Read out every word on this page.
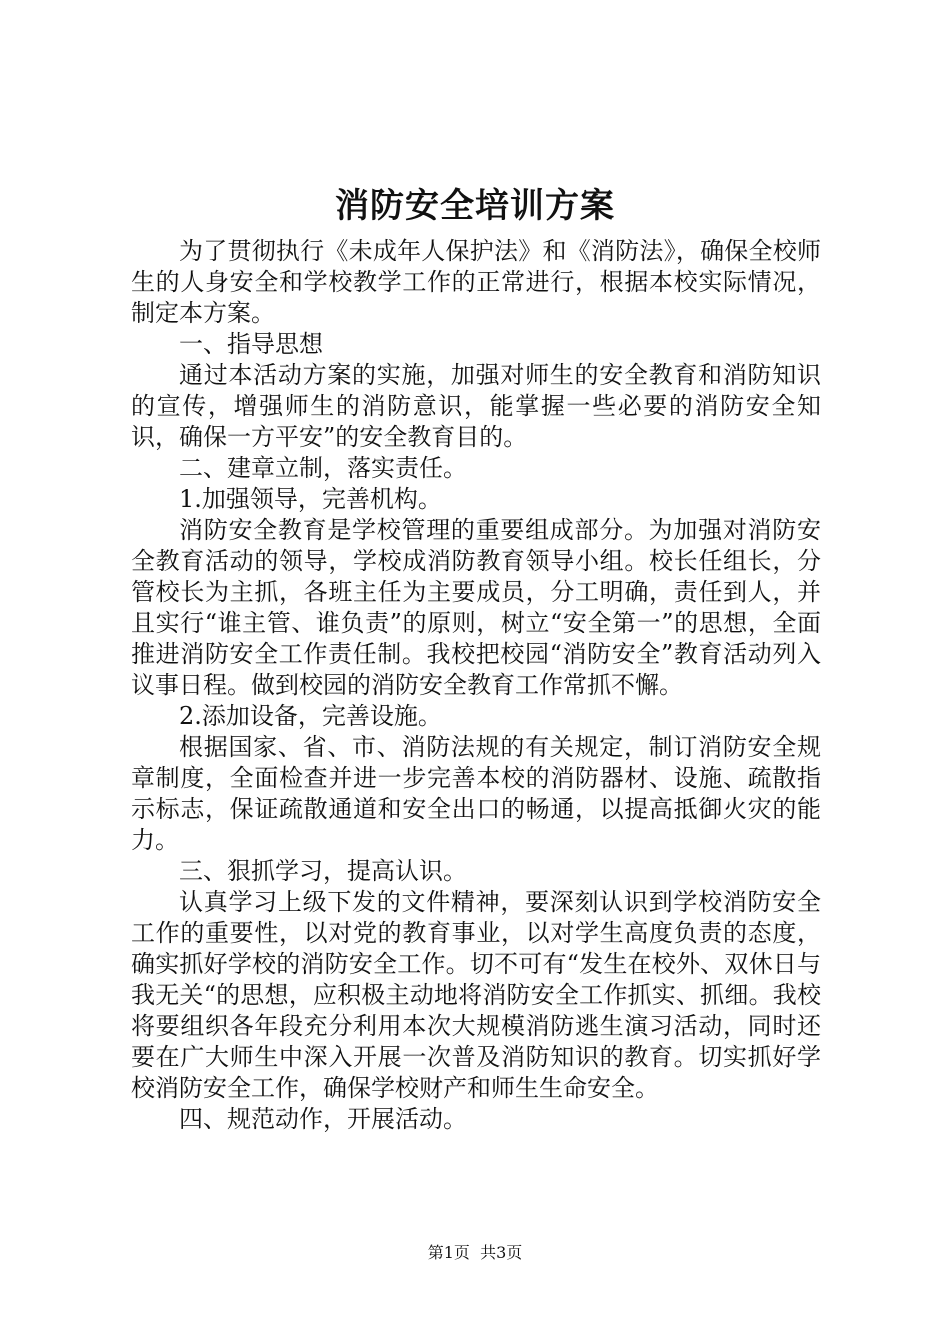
消防安全培训方案

为了贯彻执行《未成年人保护法》和《消防法》，确保全校师生的人身安全和学校教学工作的正常进行，根据本校实际情况，制定本方案。

一、指导思想

通过本活动方案的实施，加强对师生的安全教育和消防知识的宣传，增强师生的消防意识，能掌握一些必要的消防安全知识，确保一方平安”的安全教育目的。

二、建章立制，落实责任。

1.加强领导，完善机构。

消防安全教育是学校管理的重要组成部分。为加强对消防安全教育活动的领导，学校成消防教育领导小组。校长任组长，分管校长为主抓，各班主任为主要成员，分工明确，责任到人，并且实行“谁主管、谁负责”的原则，树立“安全第一”的思想，全面推进消防安全工作责任制。我校把校园“消防安全”教育活动列入议事日程。做到校园的消防安全教育工作常抓不懈。

2.添加设备，完善设施。

根据国家、省、市、消防法规的有关规定，制订消防安全规章制度，全面检查并进一步完善本校的消防器材、设施、疏散指示标志，保证疏散通道和安全出口的畅通，以提高抵御火灾的能力。

三、狠抓学习，提高认识。

认真学习上级下发的文件精神，要深刻认识到学校消防安全工作的重要性，以对党的教育事业，以对学生高度负责的态度，确实抓好学校的消防安全工作。切不可有“发生在校外、双休日与我无关“的思想，应积极主动地将消防安全工作抓实、抓细。我校将要组织各年段充分利用本次大规模消防逃生演习活动，同时还要在广大师生中深入开展一次普及消防知识的教育。切实抓好学校消防安全工作，确保学校财产和师生生命安全。

四、规范动作，开展活动。

第1页 共3页
